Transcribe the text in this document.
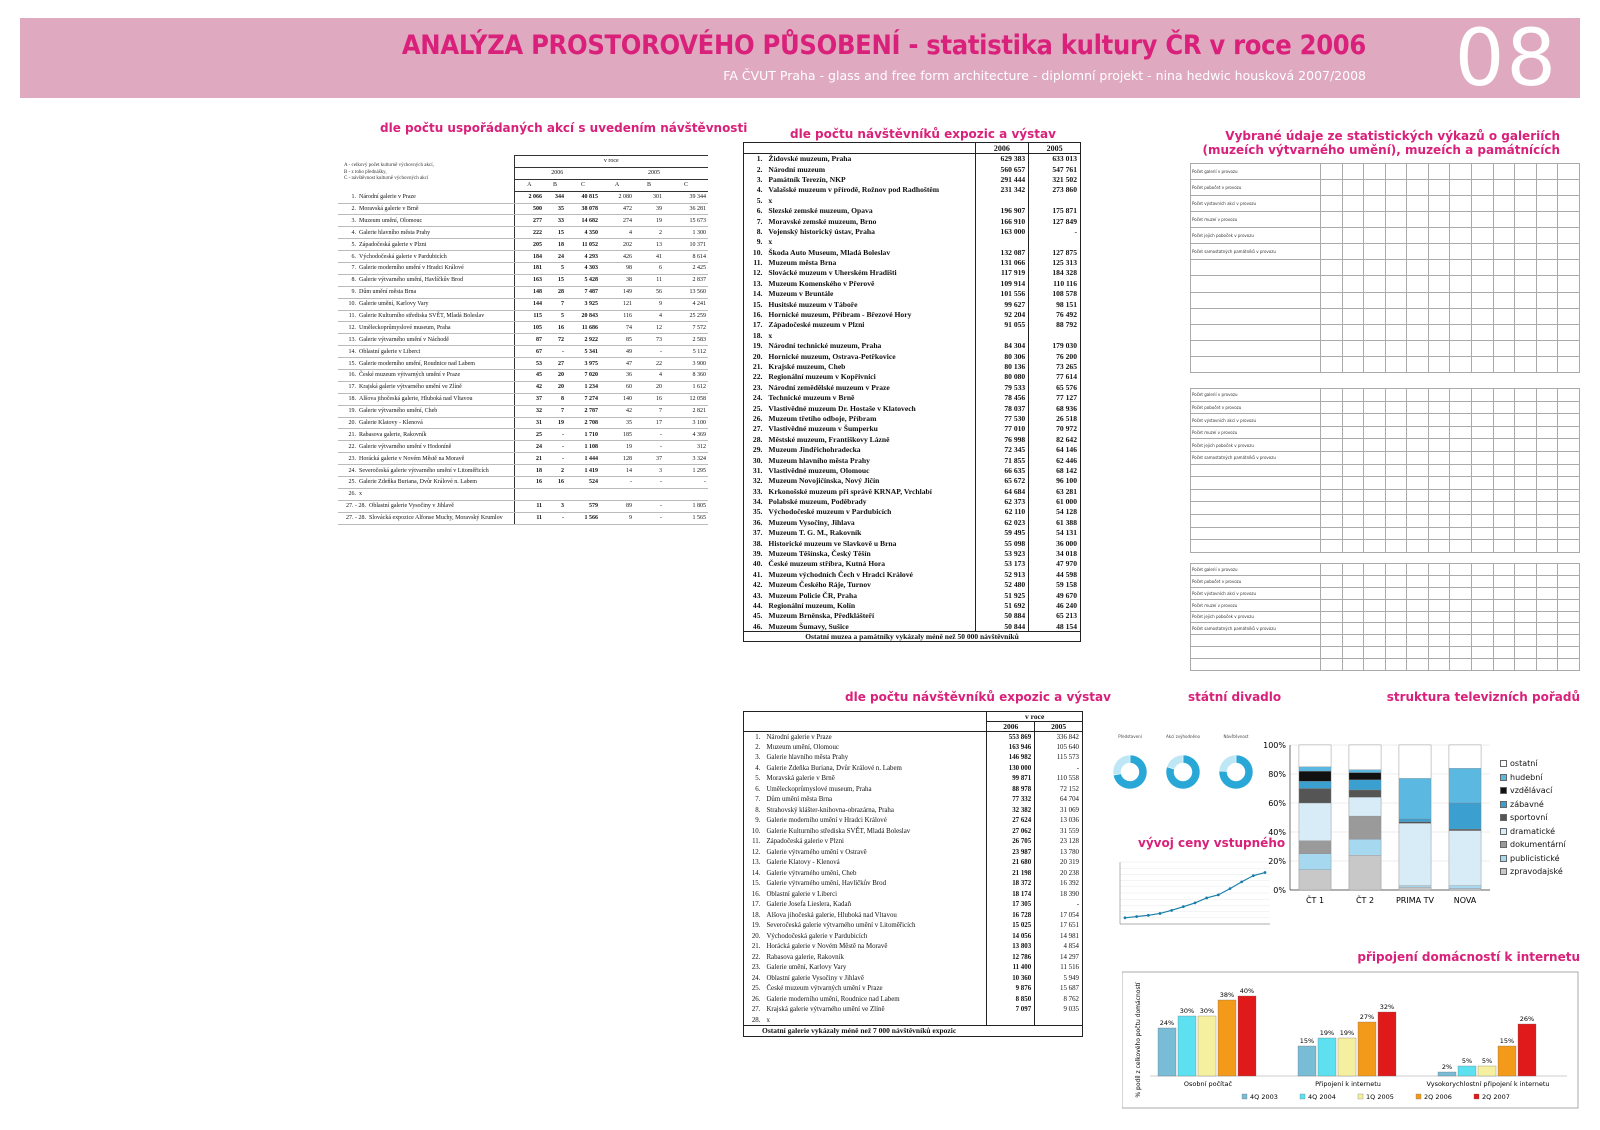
ANALÝZA PROSTOROVÉHO PŮSOBENÍ - statistika kultury ČR v roce 2006
FA ČVUT Praha - glass and free form architecture - diplomní projekt - nina hedwic housková 2007/2008 08
dle počtu uspořádaných akcí s uvedením návštěvnosti
A - celkový počet kulturně výchovných akcí,
B - z toho přednášky,
C - návštěvnost kulturně výchovných akcí
	v roce					
	2006			2005		
	A	B	C	A	B	C
1. Národní galerie v Praze	2 066	344	40 815	2 080	301	39 344
2. Moravská galerie v Brně	500	35	38 078	472	39	36 281
3. Muzeum umění, Olomouc	277	33	14 682	274	19	15 673
4. Galerie hlavního města Prahy	222	15	4 350	4	2	1 300
5. Západočeská galerie v Plzni	205	18	11 052	202	13	10 371
6. Východočeská galerie v Pardubicích	184	24	4 293	426	41	8 614
7. Galerie moderního umění v Hradci Králové	181	5	4 303	98	6	2 425
8. Galerie výtvarného umění, Havlíčkův Brod	163	15	5 428	38	11	2 837
9. Dům umění města Brna	148	28	7 487	149	56	13 560
10. Galerie umění, Karlovy Vary	144	7	3 925	121	9	4 241
11. Galerie Kulturního střediska SVĚT, Mladá Boleslav	115	5	20 843	116	4	25 259
12. Uměleckoprůmyslové museum, Praha	105	16	11 686	74	12	7 572
13. Galerie výtvarného umění v Náchodě	87	72	2 922	85	73	2 583
14. Oblastní galerie v Liberci	67	-	5 341	49	-	5 112
15. Galerie moderního umění, Roudnice nad Labem	53	27	3 975	47	22	3 900
16. České muzeum výtvarných umění v Praze	45	20	7 020	36	4	8 360
17. Krajská galerie výtvarného umění ve Zlíně	42	20	1 234	60	20	1 612
18. Alšova jihočeská galerie, Hluboká nad Vltavou	37	8	7 274	140	16	12 058
19. Galerie výtvarného umění, Cheb	32	7	2 787	42	7	2 821
20. Galerie Klatovy - Klenová	31	19	2 708	35	17	3 100
21. Rabasova galerie, Rakovník	25	-	1 710	185	-	4 369
22. Galerie výtvarného umění v Hodoníně	24	-	1 108	19	-	312
23. Horácká galerie v Novém Městě na Moravě	21	-	1 444	128	37	3 324
24. Severočeská galerie výtvarného umění v Litoměřicích	18	2	1 419	14	3	1 295
25. Galerie Zdeňka Buriana, Dvůr Králové n. Labem	16	16	524	-	-	-
26. x						
27. - 28. Oblastní galerie Vysočiny v Jihlavě	11	3	579	89	-	1 805
27. - 28. Slovácká expozice Alfonse Muchy, Moravský Krumlov	11	-	1 566	9	-	1 565
dle počtu návštěvníků expozic a výstav
		2006	2005
1.	Židovské muzeum, Praha	629 383	633 013
2.	Národní muzeum	560 657	547 761
3.	Památník Terezín, NKP	291 444	321 502
4.	Valašské muzeum v přírodě, Rožnov pod Radhoštěm	231 342	273 860
5.	x		
6.	Slezské zemské muzeum, Opava	196 907	175 871
7.	Moravské zemské muzeum, Brno	166 910	127 849
8.	Vojenský historický ústav, Praha	163 000	-
9.	x		
10.	Škoda Auto Museum, Mladá Boleslav	132 087	127 875
11.	Muzeum města Brna	131 066	125 313
12.	Slovácké muzeum v Uherském Hradišti	117 919	184 328
13.	Muzeum Komenského v Přerově	109 914	110 116
14.	Muzeum v Bruntále	101 556	108 578
15.	Husitské muzeum v Táboře	99 627	98 151
16.	Hornické muzeum, Příbram - Březové Hory	92 204	76 492
17.	Západočeské muzeum v Plzni	91 055	88 792
18.	x		
19.	Národní technické muzeum, Praha	84 304	179 030
20.	Hornické muzeum, Ostrava-Petřkovice	80 306	76 200
21.	Krajské muzeum, Cheb	80 136	73 265
22.	Regionální muzeum v Kopřivnici	80 080	77 614
23.	Národní zemědělské muzeum v Praze	79 533	65 576
24.	Technické muzeum v Brně	78 456	77 127
25.	Vlastivědné muzeum Dr. Hostaše v Klatovech	78 037	68 936
26.	Muzeum třetího odboje, Příbram	77 530	26 518
27.	Vlastivědné muzeum v Šumperku	77 010	70 972
28.	Městské muzeum, Františkovy Lázně	76 998	82 642
29.	Muzeum Jindřichohradecka	72 345	64 146
30.	Muzeum hlavního města Prahy	71 855	62 446
31.	Vlastivědné muzeum, Olomouc	66 635	68 142
32.	Muzeum Novojičínska, Nový Jičín	65 672	96 100
33.	Krkonošské muzeum při správě KRNAP, Vrchlabí	64 684	63 281
34.	Polabské muzeum, Poděbrady	62 373	61 000
35.	Východočeské muzeum v Pardubicích	62 110	54 128
36.	Muzeum Vysočiny, Jihlava	62 023	61 388
37.	Muzeum T. G. M., Rakovník	59 495	54 131
38.	Historické muzeum ve Slavkově u Brna	55 098	36 000
39.	Muzeum Těšínska, Český Těšín	53 923	34 018
40.	České muzeum stříbra, Kutná Hora	53 173	47 970
41.	Muzeum východních Čech v Hradci Králové	52 913	44 598
42.	Muzeum Českého Ráje, Turnov	52 480	59 158
43.	Muzeum Policie ČR, Praha	51 925	49 670
44.	Regionální muzeum, Kolín	51 692	46 240
45.	Muzeum Brněnska, Předklášteří	50 884	65 213
46.	Muzeum Šumavy, Sušice	50 844	48 154
Ostatní muzea a památníky vykázaly méně než 50 000 návštěvníků			
Vybrané údaje ze statistických výkazů o galeriích
(muzeích výtvarného umění), muzeích a památnících
Počet galerií v provozu												
Počet pobočet v provozu												
Počet výstavních akcí v provozu												
Počet muzeí v provozu												
Počet jejich poboček v provozu												
Počet samostatných památníků v provozu												

Počet galerií v provozu												
Počet pobočet v provozu												
Počet výstavních akcí v provozu												
Počet muzeí v provozu												
Počet jejich poboček v provozu												
Počet samostatných památníků v provozu												

Počet galerií v provozu												
Počet pobočet v provozu												
Počet výstavních akcí v provozu												
Počet muzeí v provozu												
Počet jejich poboček v provozu												
Počet samostatných památníků v provozu												

dle počtu návštěvníků expozic a výstav
		v roce	
		2006	2005
1.	Národní galerie v Praze	553 869	336 842
2.	Muzeum umění, Olomouc	163 946	105 640
3.	Galerie hlavního města Prahy	146 982	115 573
4.	Galerie Zdeňka Buriana, Dvůr Králové n. Labem	130 000	-
5.	Moravská galerie v Brně	99 871	110 558
6.	Uměleckoprůmyslové museum, Praha	88 978	72 152
7.	Dům umění města Brna	77 332	64 704
8.	Strahovský klášter-knihovna-obrazárna, Praha	32 382	31 069
9.	Galerie moderního umění v Hradci Králové	27 624	13 036
10.	Galerie Kulturního střediska SVĚT, Mladá Boleslav	27 062	31 559
11.	Západočeská galerie v Plzni	26 705	23 128
12.	Galerie výtvarného umění v Ostravě	23 987	13 780
13.	Galerie Klatovy - Klenová	21 680	20 319
14.	Galerie výtvarného umění, Cheb	21 198	20 238
15.	Galerie výtvarného umění, Havlíčkův Brod	18 372	16 392
16.	Oblastní galerie v Liberci	18 174	18 390
17.	Galerie Josefa Lieslera, Kadaň	17 305	-
18.	Alšova jihočeská galerie, Hluboká nad Vltavou	16 728	17 054
19.	Severočeská galerie výtvarného umění v Litoměřicích	15 025	17 651
20.	Východočeská galerie v Pardubicích	14 056	14 981
21.	Horácká galerie v Novém Městě na Moravě	13 803	4 854
22.	Rabasova galerie, Rakovník	12 786	14 297
23.	Galerie umění, Karlovy Vary	11 400	11 516
24.	Oblastní galerie Vysočiny v Jihlavě	10 360	5 949
25.	České muzeum výtvarných umění v Praze	9 876	15 687
26.	Galerie moderního umění, Roudnice nad Labem	8 850	8 762
27.	Krajská galerie výtvarného umění ve Zlíně	7 097	9 035
28.	x		
Ostatní galerie vykázaly méně než 7 000 návštěvníků expozic			
státní divadlo
Představení	Akcí zvýhodněno	Návštěvnost
struktura televizních pořadů
100%
80%
60%
40%
20%
0%
ČT 1	ČT 2	PRIMA TV NOVA
ostatní
hudební
vzdělávací
zábavné
sportovní
dramatické
dokumentární
publicistické
zpravodajské
vývoj ceny vstupného
připojení domácností k internetu
% podíl z celkového počtu domácností	24%
30% 30%
38% 40%
Osobní počítač
15%
19% 19%
27%
32%
Připojení k internetu
2%
5% 5%
15%
26%
Vysokorychlostní připojení k internetu
4Q 2003	4Q 2004	1Q 2005	2Q 2006	2Q 2007
